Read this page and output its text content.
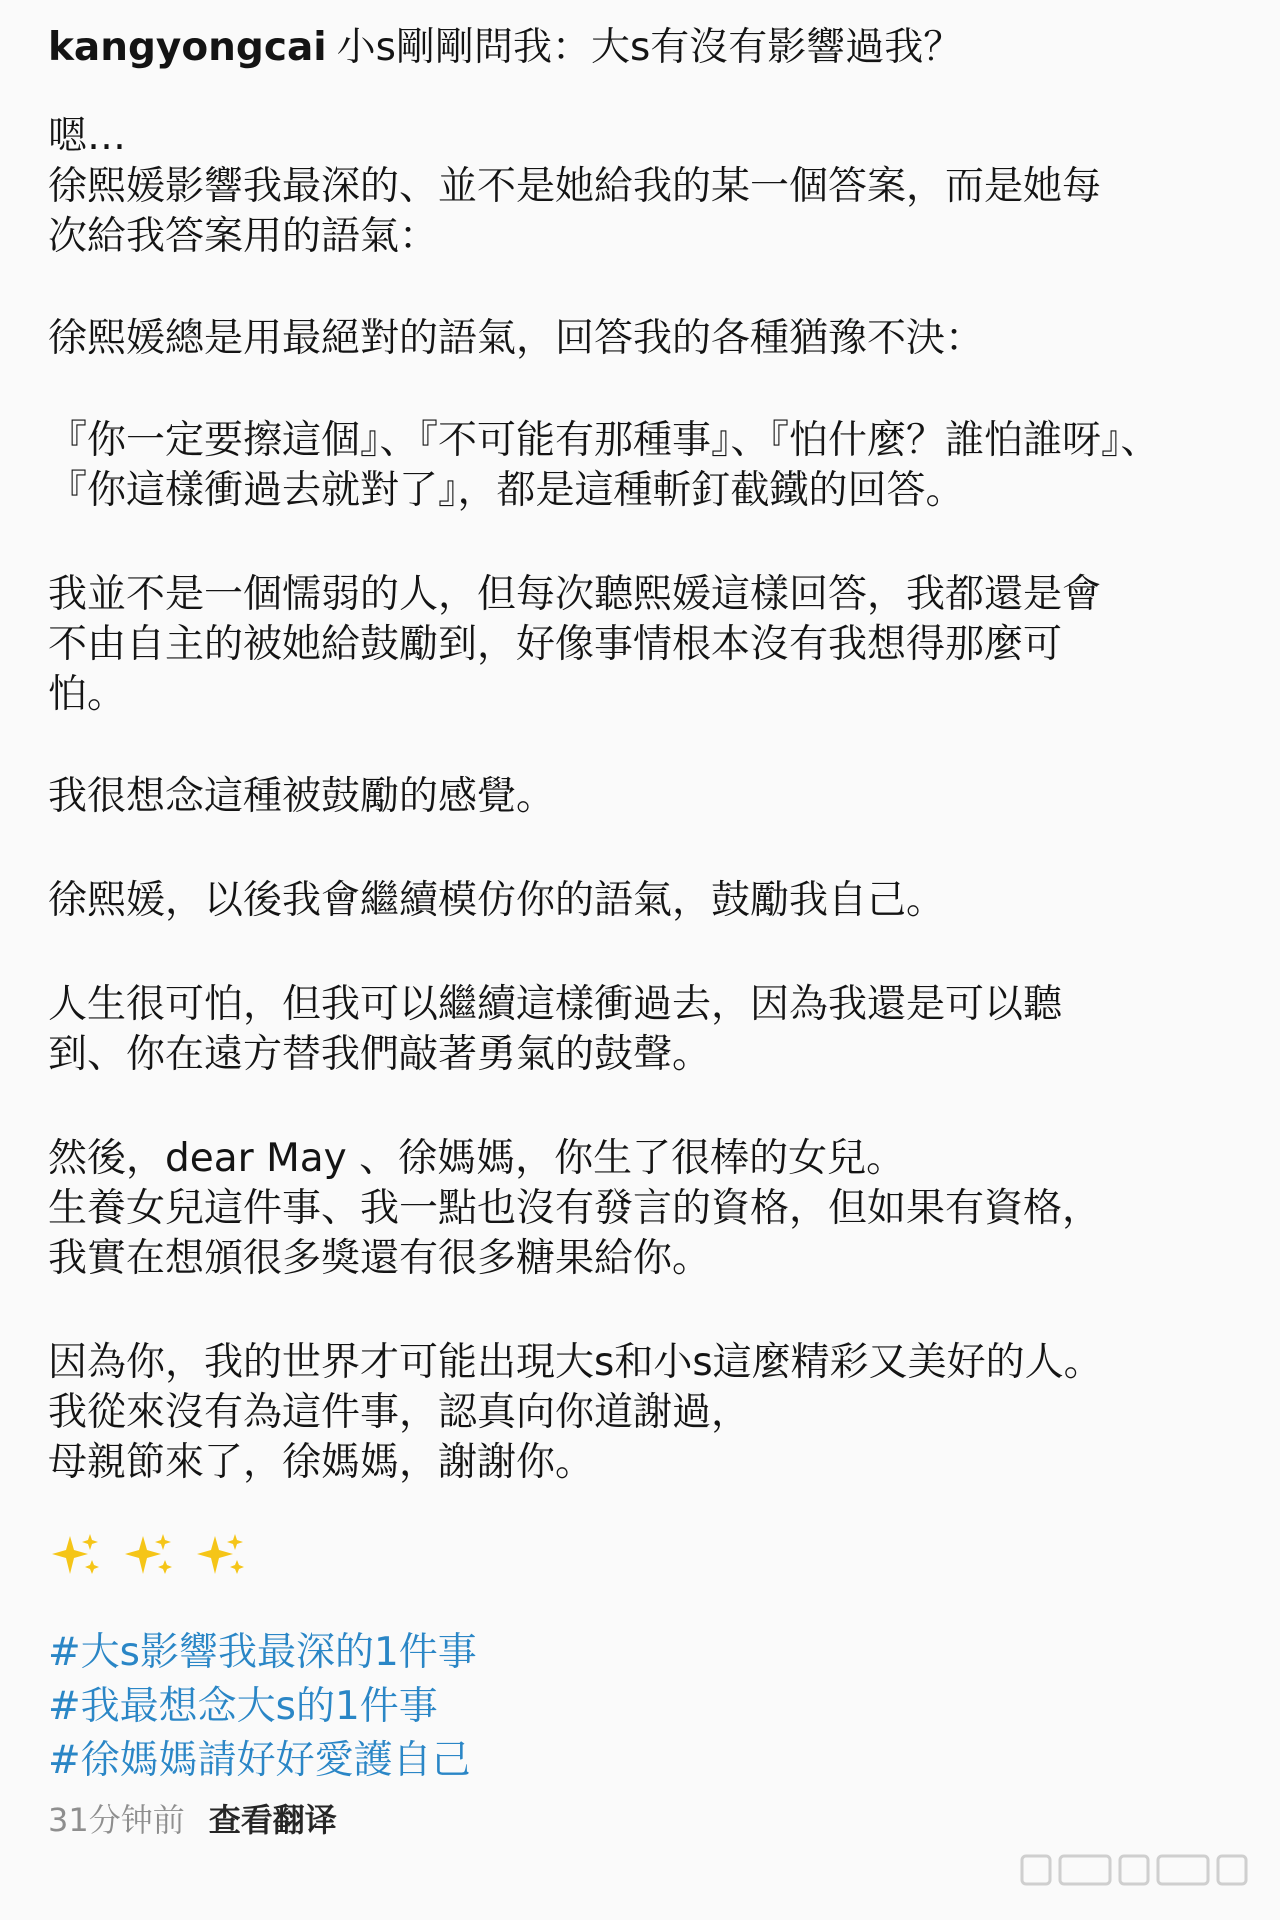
kangyongcai 小s剛剛問我：大s有沒有影響過我？
嗯…
徐熙媛影響我最深的、並不是她給我的某一個答案，而是她每
次給我答案用的語氣：
徐熙媛總是用最絕對的語氣，回答我的各種猶豫不決：
『你一定要擦這個』、『不可能有那種事』、『怕什麼？誰怕誰呀』、
『你這樣衝過去就對了』，都是這種斬釘截鐵的回答。
我並不是一個懦弱的人，但每次聽熙媛這樣回答，我都還是會
不由自主的被她給鼓勵到，好像事情根本沒有我想得那麼可
怕。
我很想念這種被鼓勵的感覺。
徐熙媛，以後我會繼續模仿你的語氣，鼓勵我自己。
人生很可怕，但我可以繼續這樣衝過去，因為我還是可以聽
到、你在遠方替我們敲著勇氣的鼓聲。
然後，dear May 、徐媽媽，你生了很棒的女兒。
生養女兒這件事、我一點也沒有發言的資格，但如果有資格，
我實在想頒很多獎還有很多糖果給你。
因為你，我的世界才可能出現大s和小s這麼精彩又美好的人。
我從來沒有為這件事，認真向你道謝過，
母親節來了，徐媽媽，謝謝你。

#大s影響我最深的1件事
#我最想念大s的1件事
#徐媽媽請好好愛護自己
31分钟前 查看翻译
